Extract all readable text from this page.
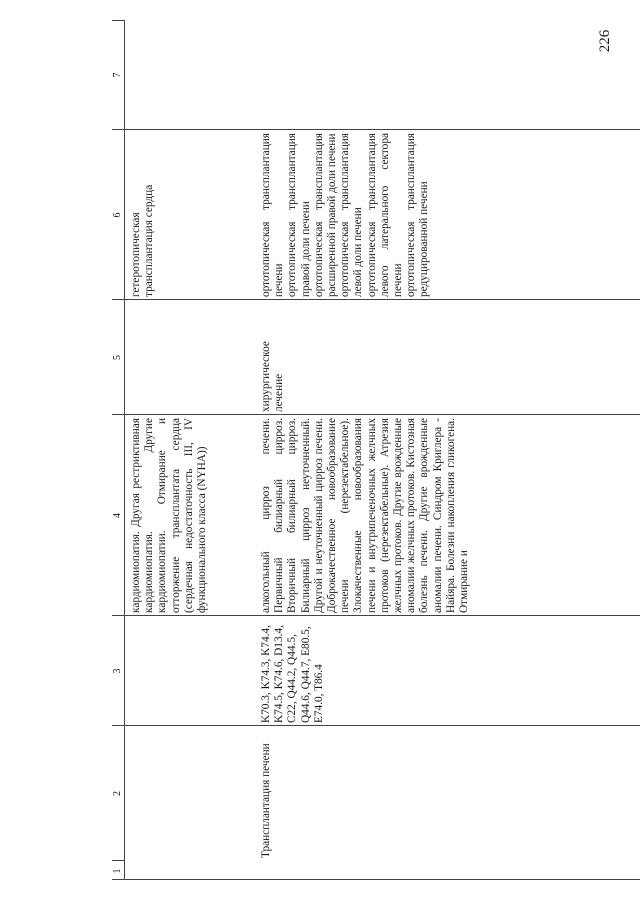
226
1
2
3
4
5
6
7

кардиомиопатия. Другая рестриктивная кардиомиопатия. Другие кардиомиопатии. Отмирание и отторжение трансплантата сердца (сердечная недостаточность III, IV функционального класса (NYHA))

гетеротопическая трансплантация сердца

Трансплантация печени

K70.3, K74.3, K74.4, K74.5, K74.6, D13.4, C22, Q44.2, Q44.5, Q44.6, Q44.7, E80.5, E74.0, T86.4

алкогольный цирроз печени. Первичный билиарный цирроз. Вторичный билиарный цирроз. Билиарный цирроз неуточненный. Другой и неуточненный цирроз печени. Доброкачественное новообразование печени (нерезектабельное). Злокачественные новообразования печени и внутрипеченочных желчных протоков (нерезектабельные). Атрезия желчных протоков. Другие врожденные аномалии желчных протоков. Кистозная болезнь печени. Другие врожденные аномалии печени. Синдром Криглера - Найяра. Болезни накопления гликогена. Отмирание и

хирургическое лечение

ортотопическая трансплантация печени ортотопическая трансплантация правой доли печени ортотопическая трансплантация расширенной правой доли печени ортотопическая трансплантация левой доли печени ортотопическая трансплантация левого латерального сектора печени ортотопическая трансплантация редуцированной печени
